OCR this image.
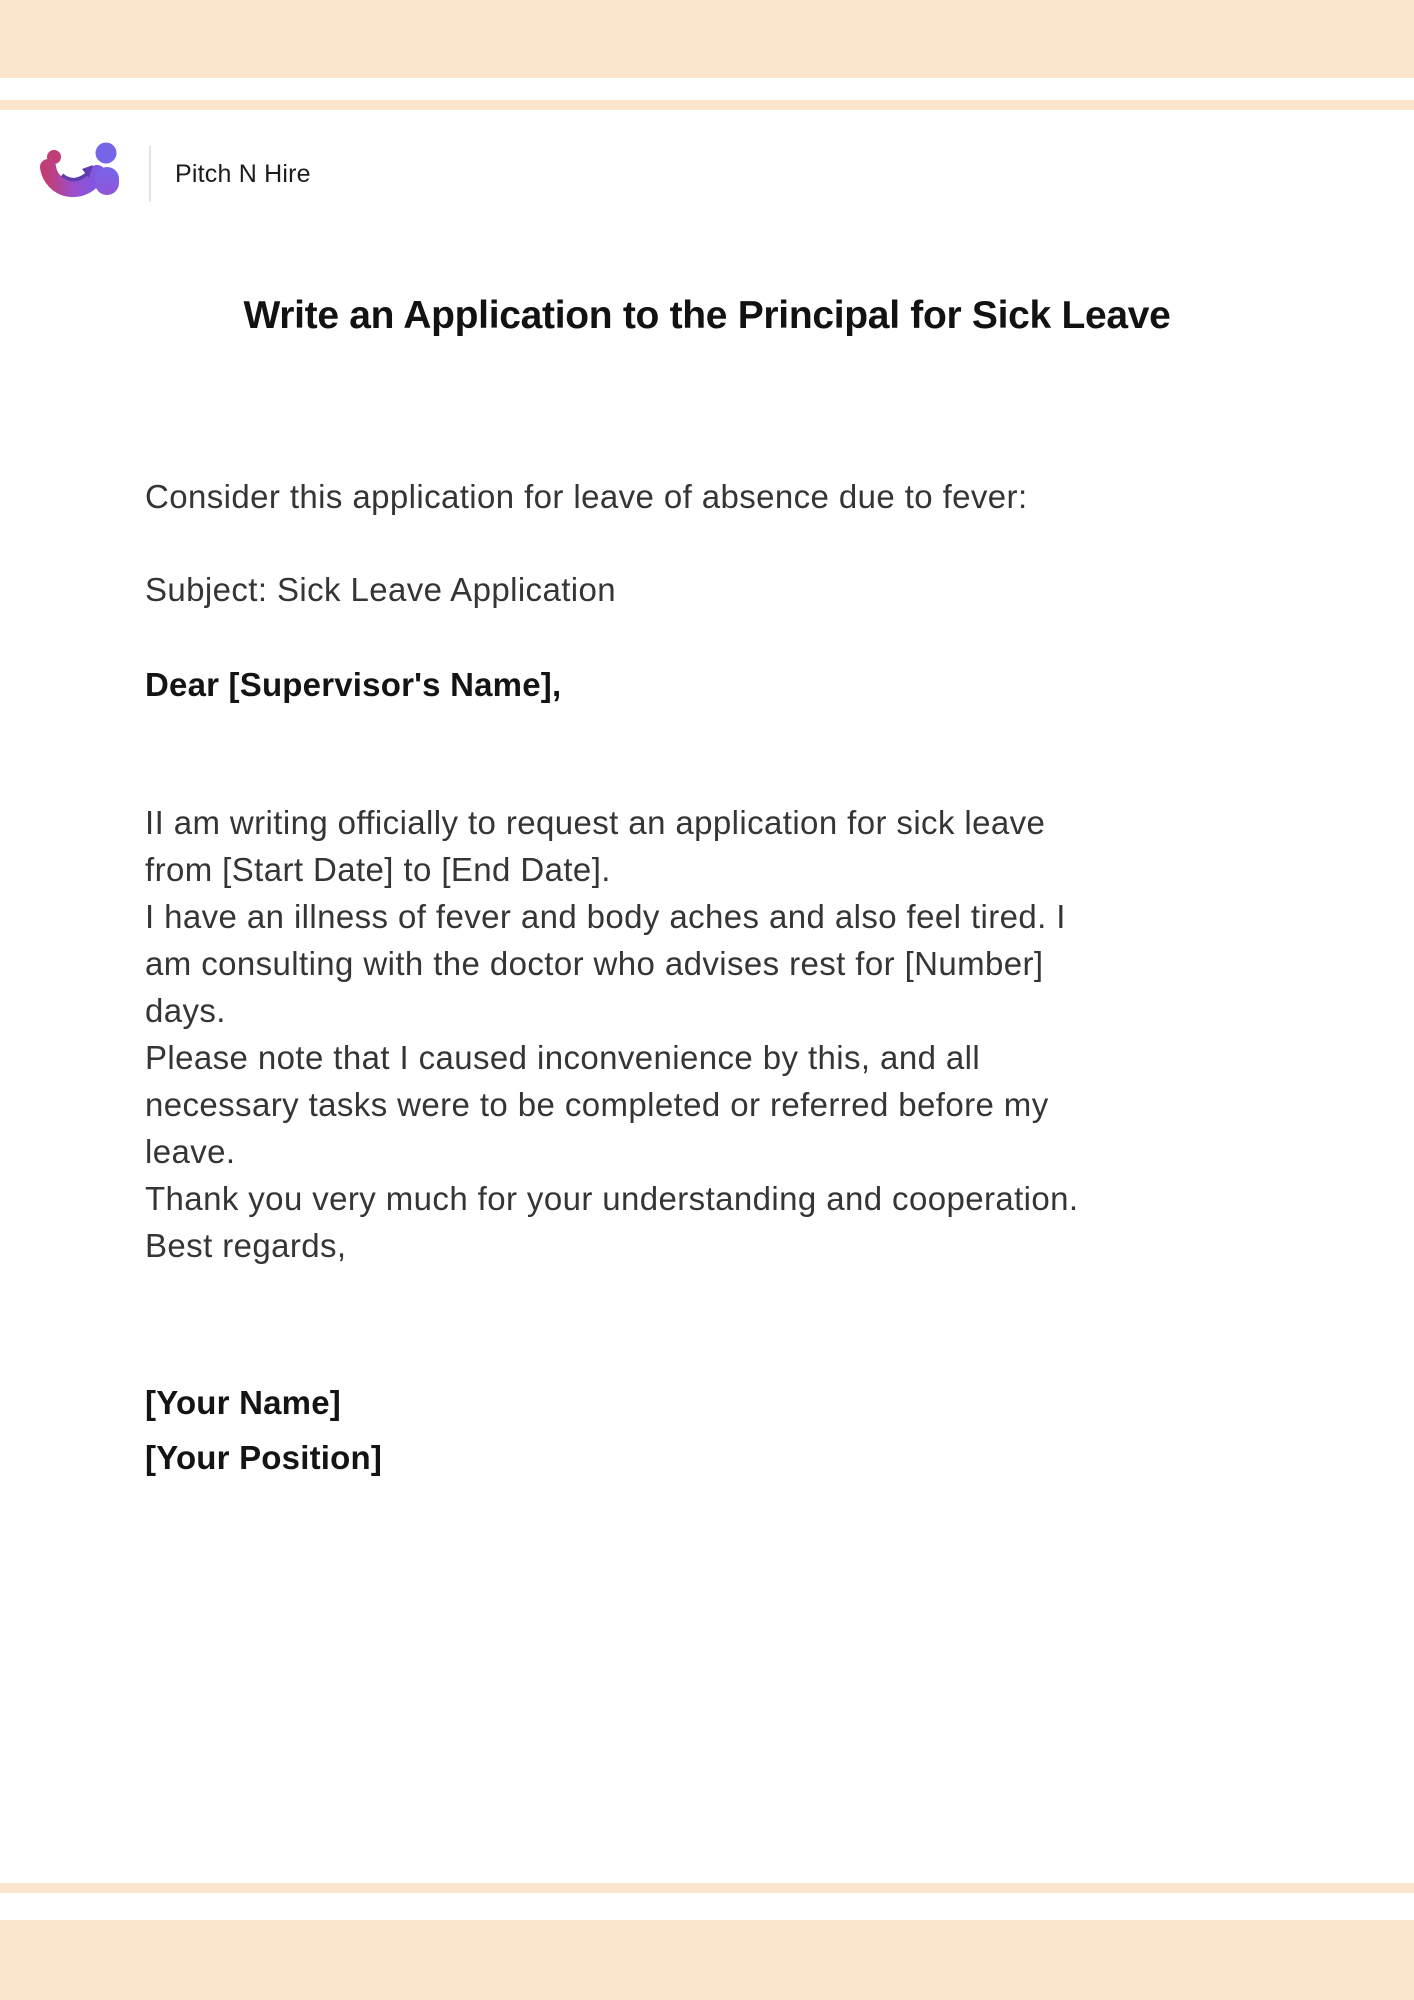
Pitch N Hire
Write an Application to the Principal for Sick Leave
Consider this application for leave of absence due to fever:
Subject: Sick Leave Application
Dear [Supervisor's Name],
II am writing officially to request an application for sick leave
from [Start Date] to [End Date].
I have an illness of fever and body aches and also feel tired. I
am consulting with the doctor who advises rest for [Number]
days.
Please note that I caused inconvenience by this, and all
necessary tasks were to be completed or referred before my
leave.
Thank you very much for your understanding and cooperation.
Best regards,
[Your Name]
[Your Position]
